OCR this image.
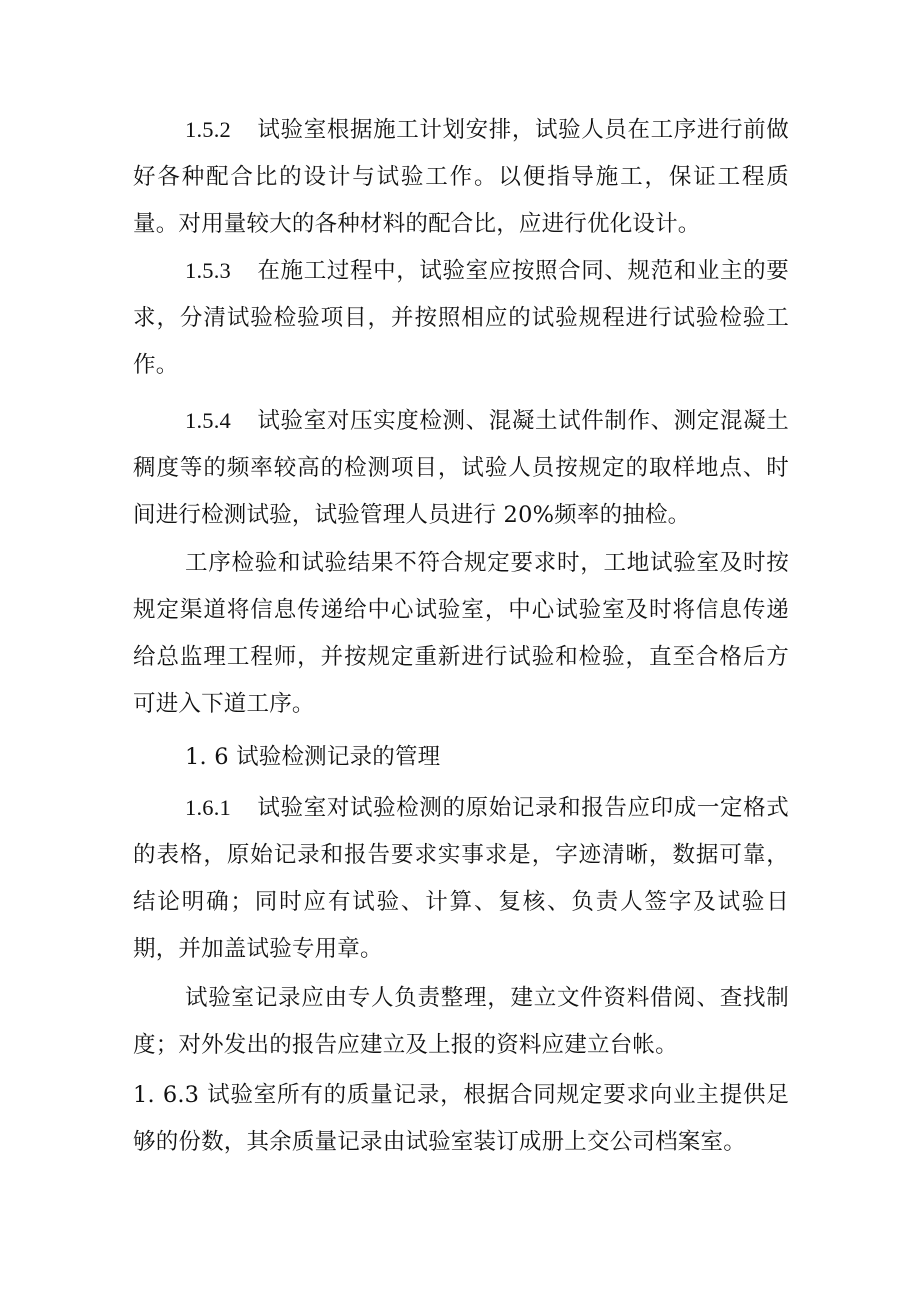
1.5.2 试验室根据施工计划安排，试验人员在工序进行前做好各种配合比的设计与试验工作。以便指导施工，保证工程质量。对用量较大的各种材料的配合比，应进行优化设计。

1.5.3 在施工过程中，试验室应按照合同、规范和业主的要求，分清试验检验项目，并按照相应的试验规程进行试验检验工作。

1.5.4 试验室对压实度检测、混凝土试件制作、测定混凝土稠度等的频率较高的检测项目，试验人员按规定的取样地点、时间进行检测试验，试验管理人员进行 20%频率的抽检。

工序检验和试验结果不符合规定要求时，工地试验室及时按规定渠道将信息传递给中心试验室，中心试验室及时将信息传递给总监理工程师，并按规定重新进行试验和检验，直至合格后方可进入下道工序。

1. 6 试验检测记录的管理

1.6.1 试验室对试验检测的原始记录和报告应印成一定格式的表格，原始记录和报告要求实事求是，字迹清晰，数据可靠，结论明确；同时应有试验、计算、复核、负责人签字及试验日期，并加盖试验专用章。

试验室记录应由专人负责整理，建立文件资料借阅、查找制度；对外发出的报告应建立及上报的资料应建立台帐。

1. 6.3 试验室所有的质量记录，根据合同规定要求向业主提供足够的份数，其余质量记录由试验室装订成册上交公司档案室。
